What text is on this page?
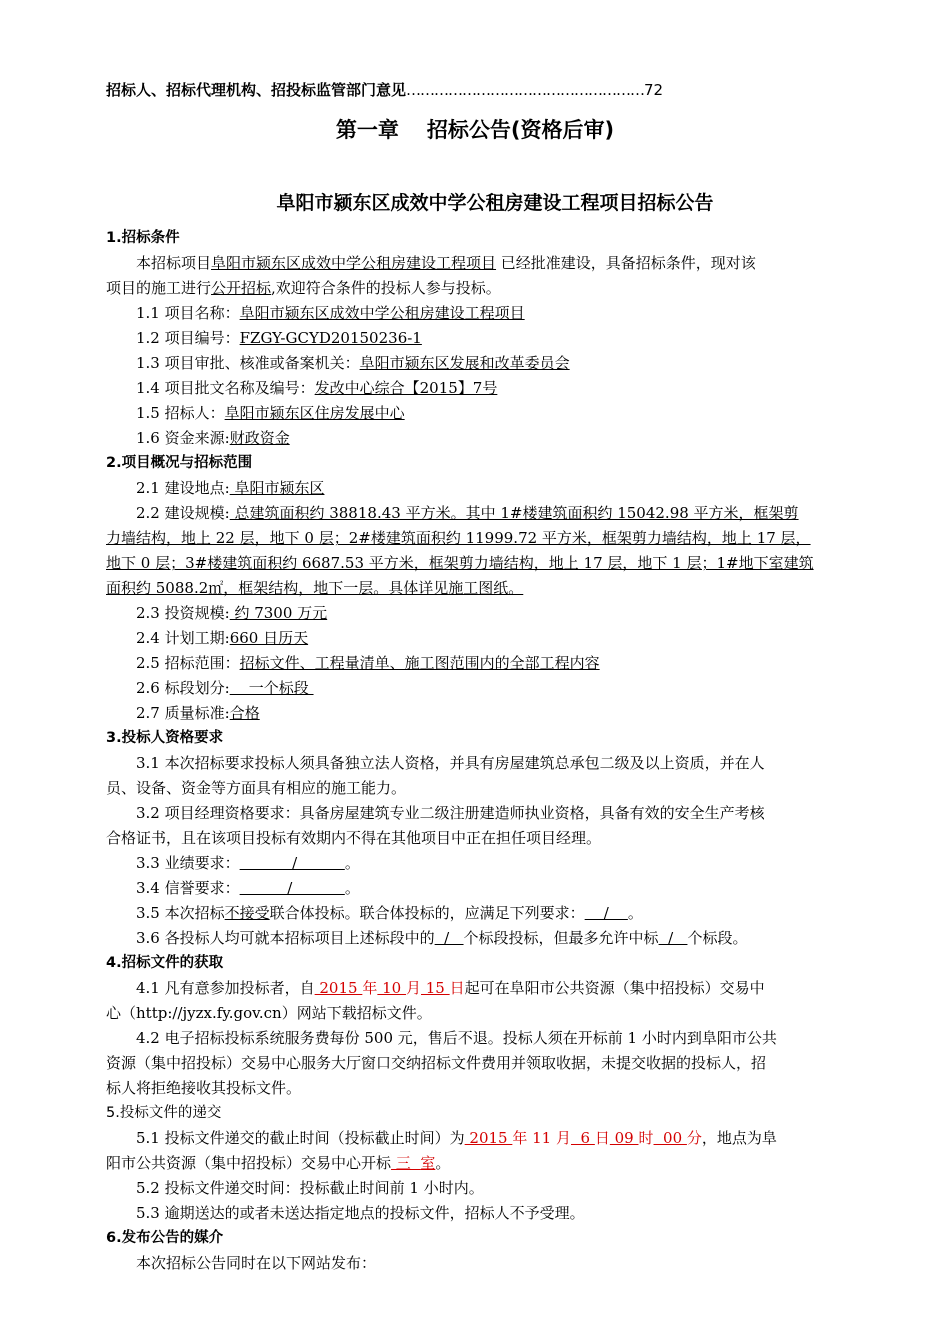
招标人、招标代理机构、招投标监管部门意见……………………………………………72
第一章 招标公告(资格后审)
阜阳市颍东区成效中学公租房建设工程项目招标公告
1.招标条件
本招标项目阜阳市颍东区成效中学公租房建设工程项目 已经批准建设，具备招标条件，现对该
项目的施工进行公开招标,欢迎符合条件的投标人参与投标。
1.1 项目名称：阜阳市颍东区成效中学公租房建设工程项目
1.2 项目编号：FZGY-GCYD20150236-1
1.3 项目审批、核准或备案机关：阜阳市颍东区发展和改革委员会
1.4 项目批文名称及编号：发改中心综合【2015】7号
1.5 招标人：阜阳市颍东区住房发展中心
1.6 资金来源:财政资金
2.项目概况与招标范围
2.1 建设地点: 阜阳市颍东区
2.2 建设规模: 总建筑面积约 38818.43 平方米。其中 1#楼建筑面积约 15042.98 平方米，框架剪
力墙结构，地上 22 层，地下 0 层；2#楼建筑面积约 11999.72 平方米，框架剪力墙结构，地上 17 层，
地下 0 层；3#楼建筑面积约 6687.53 平方米，框架剪力墙结构，地上 17 层，地下 1 层；1#地下室建筑
面积约 5088.2㎡，框架结构，地下一层。具体详见施工图纸。
2.3 投资规模: 约 7300 万元
2.4 计划工期:660 日历天
2.5 招标范围：招标文件、工程量清单、施工图范围内的全部工程内容
2.6 标段划分:    一个标段
2.7 质量标准:合格
3.投标人资格要求
3.1 本次招标要求投标人须具备独立法人资格，并具有房屋建筑总承包二级及以上资质，并在人
员、设备、资金等方面具有相应的施工能力。
3.2 项目经理资格要求：具备房屋建筑专业二级注册建造师执业资格，具备有效的安全生产考核
合格证书，且在该项目投标有效期内不得在其他项目中正在担任项目经理。
3.3 业绩要求：           /          。
3.4 信誉要求：          /           。
3.5 本次招标不接受联合体投标。联合体投标的，应满足下列要求：    /    。
3.6 各投标人均可就本招标项目上述标段中的  /   个标段投标，但最多允许中标  /   个标段。
4.招标文件的获取
4.1 凡有意参加投标者，自 2015 年 10 月 15 日起可在阜阳市公共资源（集中招投标）交易中
心（http://jyzx.fy.gov.cn）网站下载招标文件。
4.2 电子招标投标系统服务费每份 500 元，售后不退。投标人须在开标前 1 小时内到阜阳市公共
资源（集中招投标）交易中心服务大厅窗口交纳招标文件费用并领取收据，未提交收据的投标人，招
标人将拒绝接收其投标文件。
5.投标文件的递交
5.1 投标文件递交的截止时间（投标截止时间）为 2015 年 11 月  6 日 09 时  00 分，地点为阜
阳市公共资源（集中招投标）交易中心开标 三  室。
5.2 投标文件递交时间：投标截止时间前 1 小时内。
5.3 逾期送达的或者未送达指定地点的投标文件，招标人不予受理。
6.发布公告的媒介
本次招标公告同时在以下网站发布：
